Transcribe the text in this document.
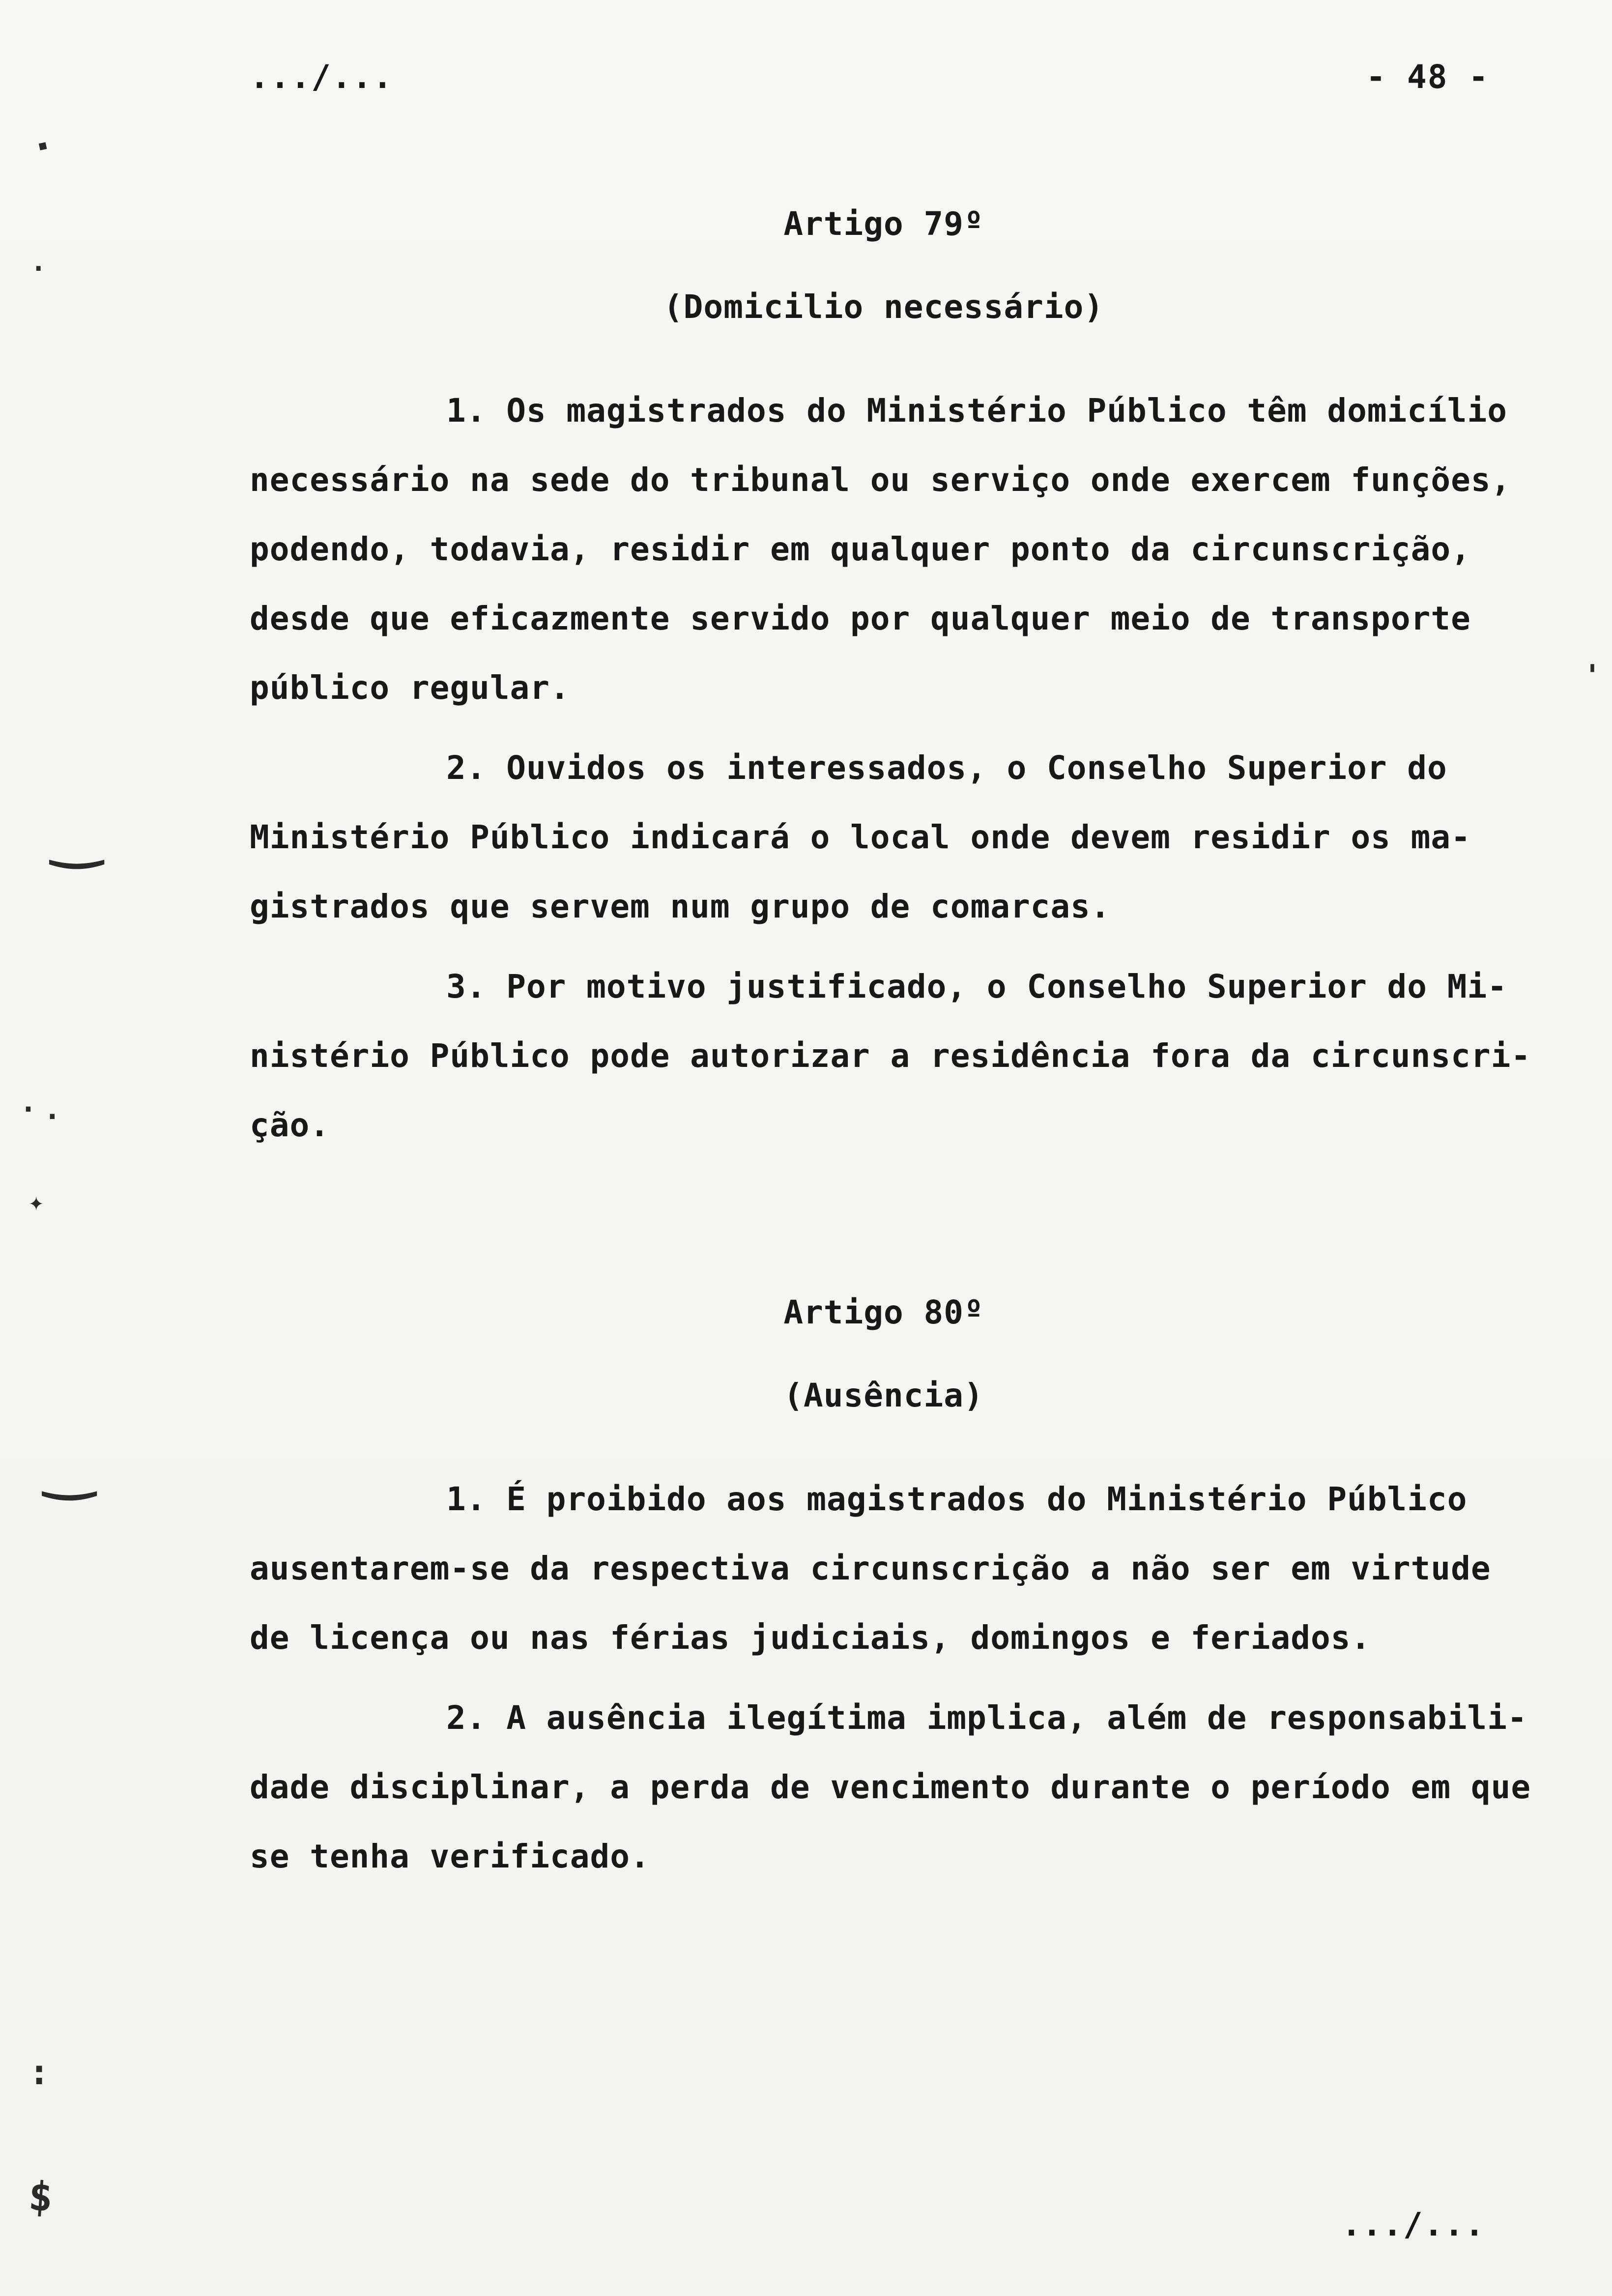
.../...	- 48 -
Artigo 79º
(Domicilio necessário)
1. Os magistrados do Ministério Público têm domicílio
necessário na sede do tribunal ou serviço onde exercem funções,
podendo, todavia, residir em qualquer ponto da circunscrição,
desde que eficazmente servido por qualquer meio de transporte
público regular.
2. Ouvidos os interessados, o Conselho Superior do
Ministério Público indicará o local onde devem residir os ma-
gistrados que servem num grupo de comarcas.
3. Por motivo justificado, o Conselho Superior do Mi-
nistério Público pode autorizar a residência fora da circunscri-
ção.
Artigo 80º
(Ausência)
1. É proibido aos magistrados do Ministério Público
ausentarem-se da respectiva circunscrição a não ser em virtude
de licença ou nas férias judiciais, domingos e feriados.
2. A ausência ilegítima implica, além de responsabili-
dade disciplinar, a perda de vencimento durante o período em que
se tenha verificado.
.../...
▪
·
‿
·.
✦
‿
:
$
'
